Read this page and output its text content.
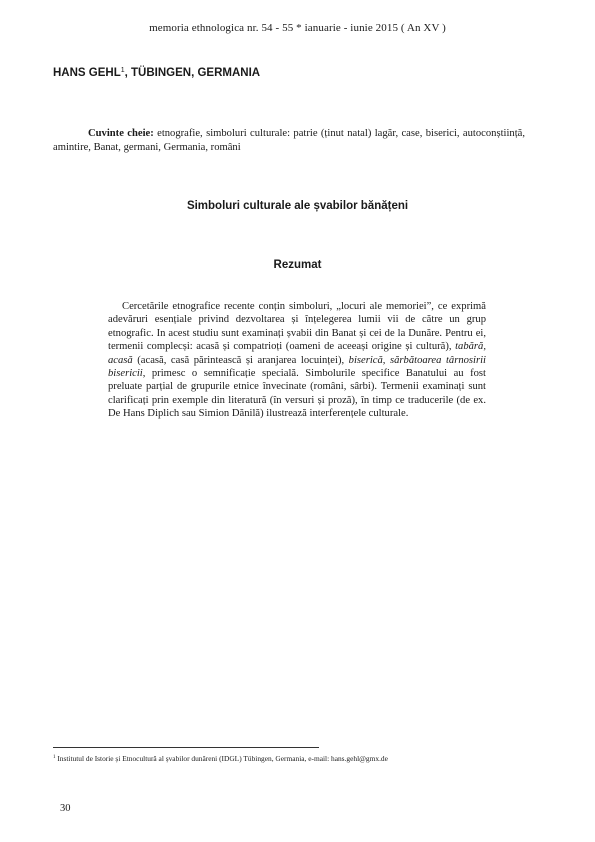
memoria ethnologica nr. 54 - 55 * ianuarie - iunie 2015 ( An XV )
HANS GEHL$^1$, TÜBINGEN, GERMANIA
Cuvinte cheie: etnografie, simboluri culturale: patrie (ținut natal) lagăr, case, biserici, autoconștiință, amintire, Banat, germani, Germania, români
Simboluri culturale ale șvabilor bănățeni
Rezumat
Cercetările etnografice recente conțin simboluri, „locuri ale memoriei”, ce exprimă adevăruri esențiale privind dezvoltarea și înțelegerea lumii vii de către un grup etnografic. In acest studiu sunt examinați șvabii din Banat și cei de la Dunăre. Pentru ei, termenii complecși: acasă și compatrioți (oameni de aceeași origine și cultură), tabără, acasă (acasă, casă părintească și aranjarea locuinței), biserică, sărbătoarea târnosirii bisericii, primesc o semnificație specială. Simbolurile specifice Banatului au fost preluate parțial de grupurile etnice învecinate (români, sârbi). Termenii examinați sunt clarificați prin exemple din literatură (în versuri și proză), în timp ce traducerile (de ex. De Hans Diplich sau Simion Dănilă) ilustrează interferențele culturale.
$^1$ Institutul de Istorie și Etnocultură al șvabilor dunăreni (IDGL) Tübingen, Germania, e-mail: hans.gehl@gmx.de
30
